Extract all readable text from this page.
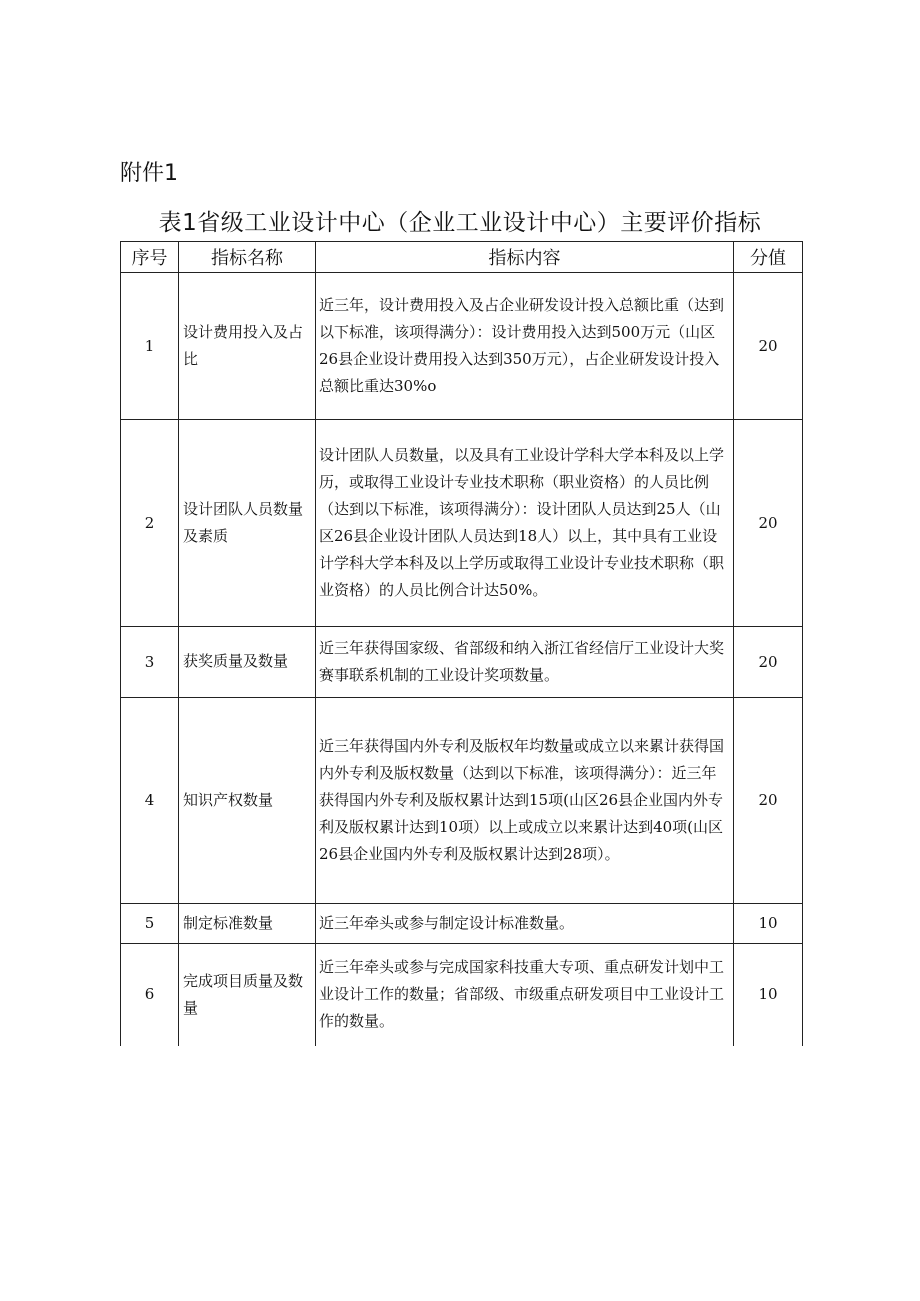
附件1
表1省级工业设计中心（企业工业设计中心）主要评价指标
序号	指标名称	指标内容	分值
1	设计费用投入及占比	近三年，设计费用投入及占企业研发设计投入总额比重（达到以下标准，该项得满分）：设计费用投入达到500万元（山区26县企业设计费用投入达到350万元），占企业研发设计投入总额比重达30%o	20
2	设计团队人员数量及素质	设计团队人员数量，以及具有工业设计学科大学本科及以上学历，或取得工业设计专业技术职称（职业资格）的人员比例（达到以下标准，该项得满分）：设计团队人员达到25人（山区26县企业设计团队人员达到18人）以上，其中具有工业设计学科大学本科及以上学历或取得工业设计专业技术职称（职业资格）的人员比例合计达50%。	20
3	获奖质量及数量	近三年获得国家级、省部级和纳入浙江省经信厅工业设计大奖赛事联系机制的工业设计奖项数量。	20
4	知识产权数量	近三年获得国内外专利及版权年均数量或成立以来累计获得国内外专利及版权数量（达到以下标准，该项得满分）：近三年获得国内外专利及版权累计达到15项(山区26县企业国内外专利及版权累计达到10项）以上或成立以来累计达到40项(山区26县企业国内外专利及版权累计达到28项）。	20
5	制定标准数量	近三年牵头或参与制定设计标准数量。	10
6	完成项目质量及数量	近三年牵头或参与完成国家科技重大专项、重点研发计划中工业设计工作的数量；省部级、市级重点研发项目中工业设计工作的数量。	10
